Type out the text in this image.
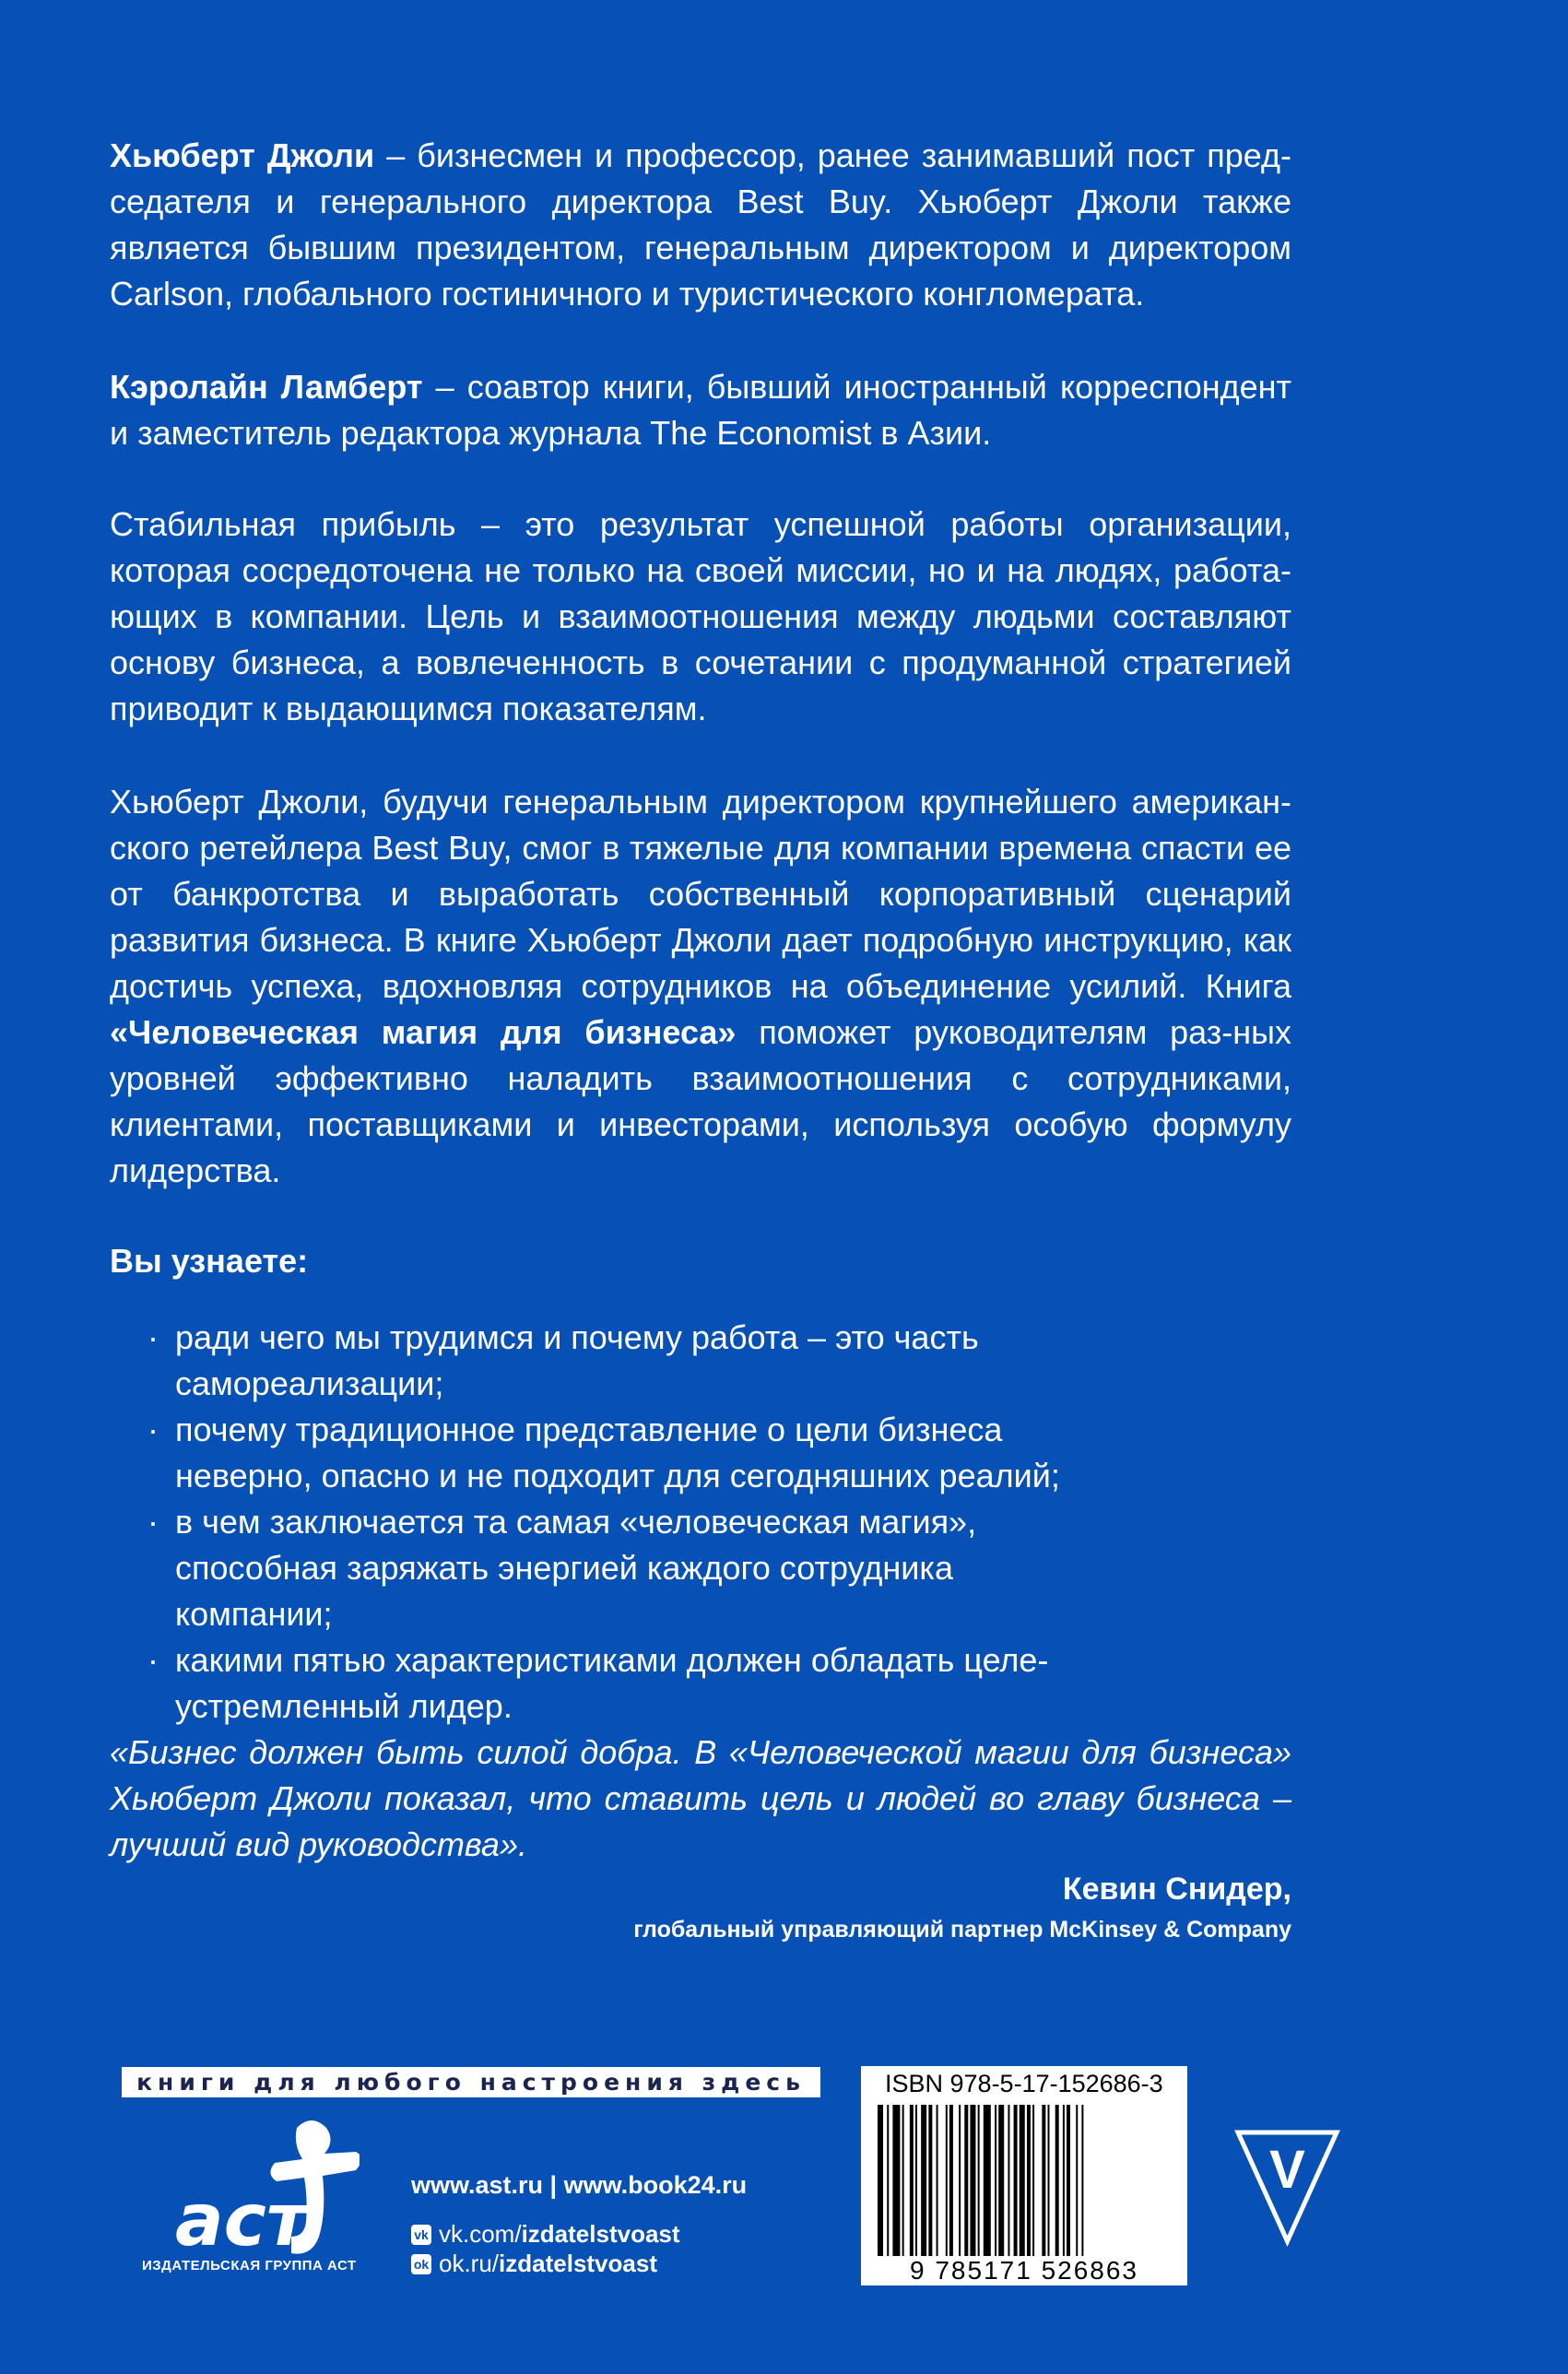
Хьюберт Джоли – бизнесмен и профессор, ранее занимавший пост пред-седателя и генерального директора Best Buy. Хьюберт Джоли также является бывшим президентом, генеральным директором и директором Carlson, глобального гостиничного и туристического конгломерата.

Кэролайн Ламберт – соавтор книги, бывший иностранный корреспондент и заместитель редактора журнала The Economist в Азии.

Стабильная прибыль – это результат успешной работы организации, которая сосредоточена не только на своей миссии, но и на людях, работа-ющих в компании. Цель и взаимоотношения между людьми составляют основу бизнеса, а вовлеченность в сочетании с продуманной стратегией приводит к выдающимся показателям.

Хьюберт Джоли, будучи генеральным директором крупнейшего американ-ского ретейлера Best Buy, смог в тяжелые для компании времена спасти ее от банкротства и выработать собственный корпоративный сценарий развития бизнеса. В книге Хьюберт Джоли дает подробную инструкцию, как достичь успеха, вдохновляя сотрудников на объединение усилий. Книга «Человеческая магия для бизнеса» поможет руководителям раз-ных уровней эффективно наладить взаимоотношения с сотрудниками, клиентами, поставщиками и инвесторами, используя особую формулу лидерства.

Вы узнаете:

· ради чего мы трудимся и почему работа – это часть самореализации;
· почему традиционное представление о цели бизнеса неверно, опасно и не подходит для сегодняшних реалий;
· в чем заключается та самая «человеческая магия», способная заряжать энергией каждого сотрудника компании;
· какими пятью характеристиками должен обладать целе-устремленный лидер.

«Бизнес должен быть силой добра. В «Человеческой магии для бизнеса» Хьюберт Джоли показал, что ставить цель и людей во главу бизнеса – лучший вид руководства».

Кевин Снидер,
глобальный управляющий партнер McKinsey & Company
книги для любого настроения здесь
аст
ИЗДАТЕЛЬСКАЯ ГРУППА АСТ
www.ast.ru | www.book24.ru
vk vk.com/izdatelstvoast
ok ok.ru/izdatelstvoast
ISBN 978-5-17-152686-3
9 785171 526863
V
